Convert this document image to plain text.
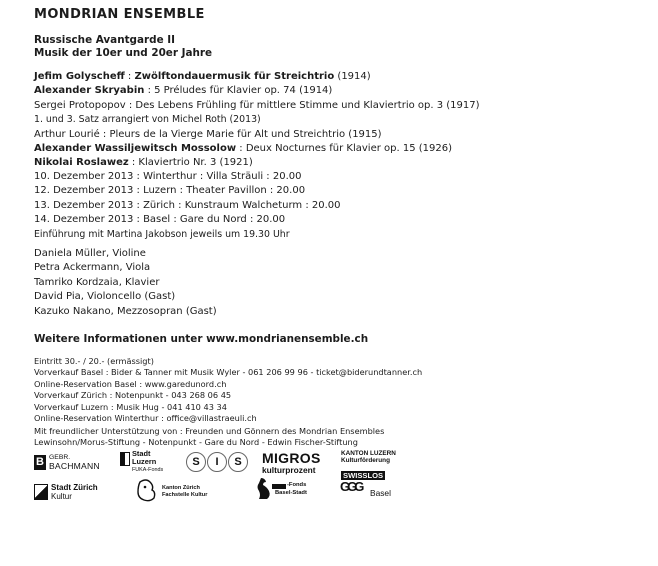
MONDRIAN ENSEMBLE
Russische Avantgarde II
Musik der 10er und 20er Jahre
Jefim Golyscheff : Zwölftondauermusik für Streichtrio (1914)
Alexander Skryabin : 5 Préludes für Klavier op. 74 (1914)
Sergei Protopopov : Des Lebens Frühling für mittlere Stimme und Klaviertrio op. 3 (1917)
1. und 3. Satz arrangiert von Michel Roth (2013)
Arthur Lourié : Pleurs de la Vierge Marie für Alt und Streichtrio (1915)
Alexander Wassiljewitsch Mossolow : Deux Nocturnes für Klavier op. 15 (1926)
Nikolai Roslawez : Klaviertrio Nr. 3 (1921)
10. Dezember 2013 : Winterthur : Villa Sträuli : 20.00
12. Dezember 2013 : Luzern : Theater Pavillon : 20.00
13. Dezember 2013 : Zürich : Kunstraum Walcheturm : 20.00
14. Dezember 2013 : Basel : Gare du Nord : 20.00
Einführung mit Martina Jakobson jeweils um 19.30 Uhr
Daniela Müller, Violine
Petra Ackermann, Viola
Tamriko Kordzaia, Klavier
David Pia, Violoncello (Gast)
Kazuko Nakano, Mezzosopran (Gast)
Weitere Informationen unter www.mondrianensemble.ch
Eintritt 30.- / 20.- (ermässigt)
Vorverkauf Basel : Bider & Tanner mit Musik Wyler - 061 206 99 96 - ticket@biderundtanner.ch
Online-Reservation Basel : www.garedunord.ch
Vorverkauf Zürich : Notenpunkt - 043 268 06 45
Vorverkauf Luzern : Musik Hug - 041 410 43 34
Online-Reservation Winterthur : office@villastraeuli.ch
Mit freundlicher Unterstützung von : Freunden und Gönnern des Mondrian Ensembles
Lewinsohn/Morus-Stiftung - Notenpunkt - Gare du Nord - Edwin Fischer-Stiftung
B GEBR.
BACHMANN
Stadt
Luzern
FUKA-Fonds
S	I	S	MIGROS
kulturprozent
KANTON LUZERN
Kulturförderung
SWISSLOS
Stadt Zürich
Kultur
Kanton Zürich
Fachstelle Kultur
-Fonds
Basel-Stadt	GGG Basel
